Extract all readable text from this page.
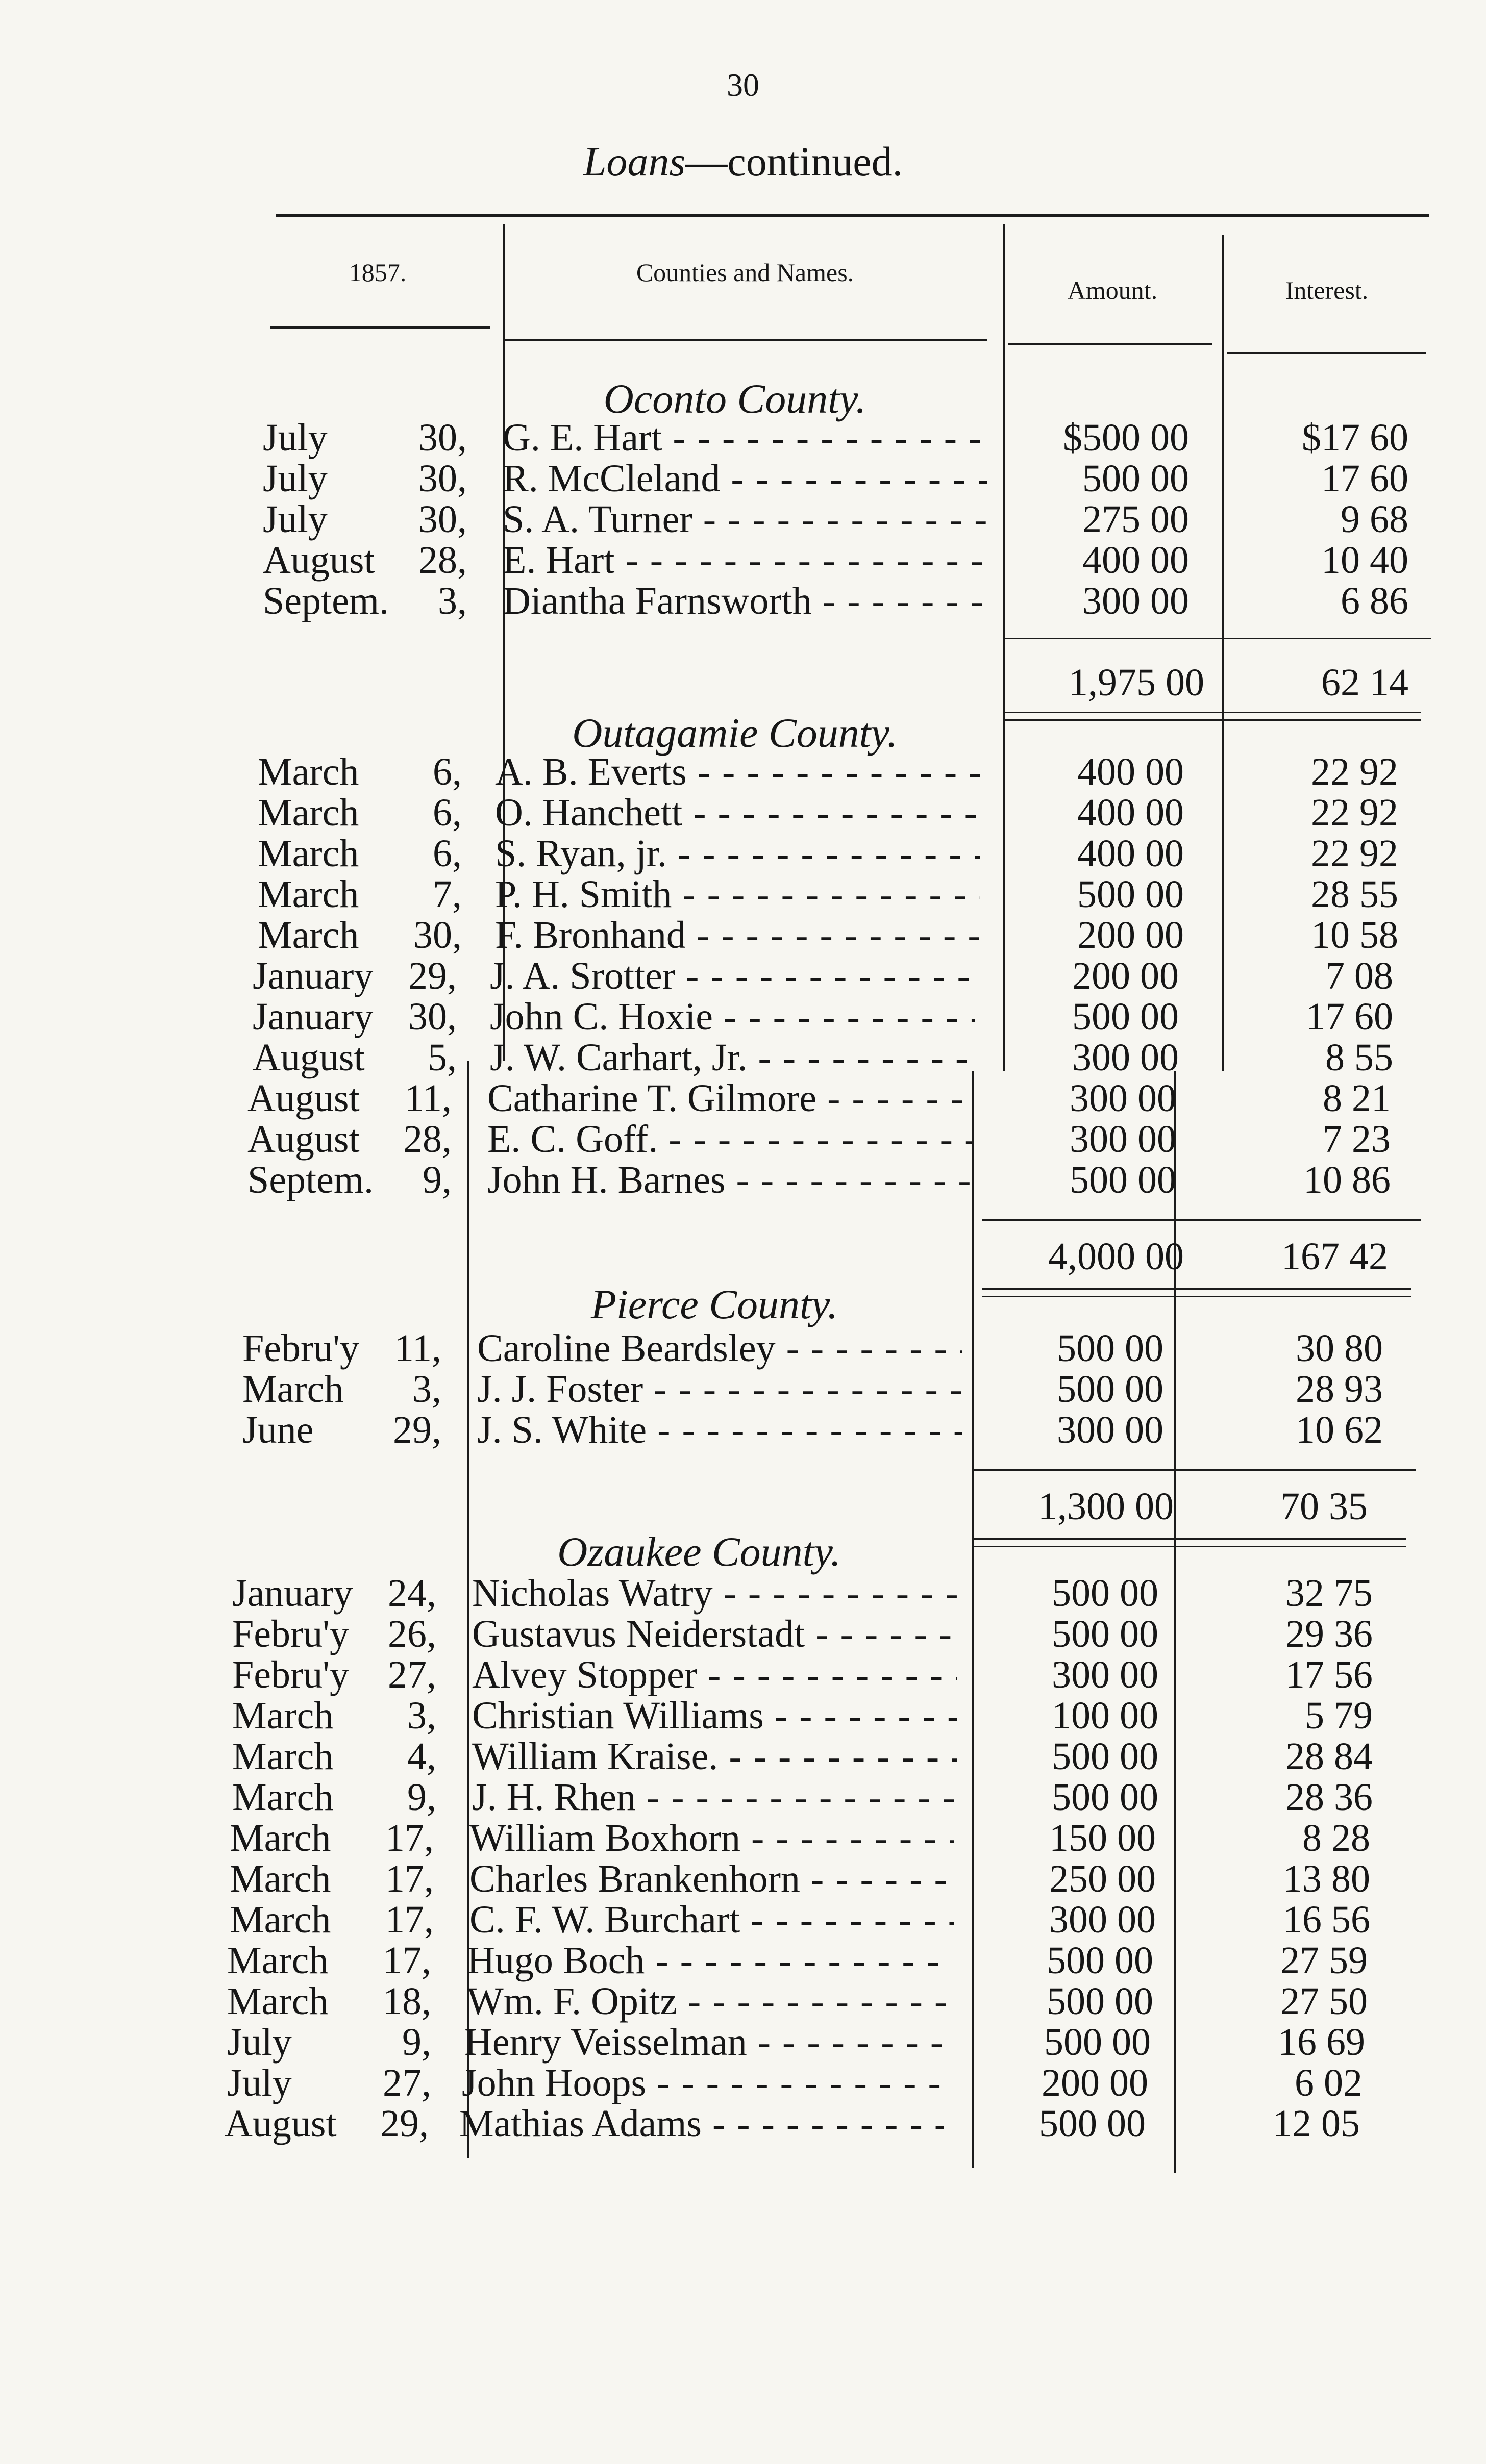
30
Loans—continued.
1857.	Counties and Names.
Amount.	Interest.
Oconto County.
July	30, G. E. Hart - - -	$500 00	$17 60
July	30, R. McCleland - - -	500 00	17 60
July	30, S. A. Turner - - -	275 00	9 68
August	28, E. Hart - - -	400 00	10 40
Septem.	3, Diantha Farnsworth - - -	300 00	6 86
1,975 00	62 14
Outagamie County.
March	6, A. B. Everts - - -	400 00	22 92
March	6, O. Hanchett - - -	400 00	22 92
March	6, S. Ryan, jr. - - -	400 00	22 92
March	7, P. H. Smith - - -	500 00	28 55
March	30, F. Bronhand - - -	200 00	10 58
January 29, J. A. Srotter - - -	200 00	7 08
January 30, John C. Hoxie - - -	500 00	17 60
August	5, J. W. Carhart, Jr. - - -	300 00	8 55
August	11, Catharine T. Gilmore - - -	300 00	8 21
August	28, E. C. Goff. - - -	300 00	7 23
Septem.	9, John H. Barnes - - -	500 00	10 86
4,000 00	167 42
Pierce County.
Febru'y 11, Caroline Beardsley - - -	500 00	30 80
March	3, J. J. Foster - - -	500 00	28 93
June	29, J. S. White - - -	300 00	10 62
1,300 00	70 35
Ozaukee County.
January 24, Nicholas Watry - - -	500 00	32 75
Febru'y 26, Gustavus Neiderstadt - - -	500 00	29 36
Febru'y 27, Alvey Stopper - - -	300 00	17 56
March	3, Christian Williams - - -	100 00	5 79
March	4, William Kraise. - - -	500 00	28 84
March	9, J. H. Rhen - - -	500 00	28 36
March	17, William Boxhorn - - -	150 00	8 28
March	17, Charles Brankenhorn - - -	250 00	13 80
March	17, C. F. W. Burchart - - -	300 00	16 56
March	17, Hugo Boch - - -	500 00	27 59
March	18, Wm. F. Opitz - - -	500 00	27 50
July	9, Henry Veisselman - - -	500 00	16 69
July	27, John Hoops - - -	200 00	6 02
August	29, Mathias Adams - - -	500 00	12 05
